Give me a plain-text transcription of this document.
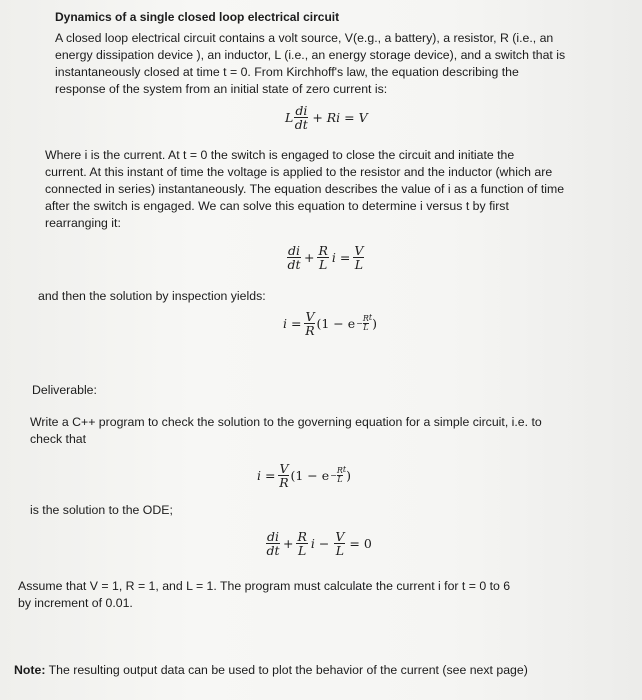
Dynamics of a single closed loop electrical circuit
A closed loop electrical circuit contains a volt source, V(e.g., a battery), a resistor, R (i.e., an
energy dissipation device ), an inductor, L (i.e., an energy storage device), and a switch that is
instantaneously closed at time t = 0. From Kirchhoff's law, the equation describing the
response of the system from an initial state of zero current is:
L $\frac{di}{dt} + Ri = V$
Where i is the current. At t = 0 the switch is engaged to close the circuit and initiate the
current. At this instant of time the voltage is applied to the resistor and the inductor (which are
connected in series) instantaneously. The equation describes the value of i as a function of time
after the switch is engaged. We can solve this equation to determine i versus t by first
rearranging it:
$\frac{di}{dt} + \frac{R}{L}$ $i = \frac{V}{L}$
and then the solution by inspection yields:
$i = \frac{V}{R} (1 - e - \frac{R}{L}$ t )
Deliverable:
Write a C++ program to check the solution to the governing equation for a simple circuit, i.e. to
check that
$i = \frac{V}{R} (1 - e - \frac{R}{L}$ t )
is the solution to the ODE;
$\frac{di}{dt} + \frac{R}{L}$ $i - \frac{V}{L} = 0$
Assume that V = 1, R = 1, and L = 1. The program must calculate the current i for t = 0 to 6
by increment of 0.01.
Note: The resulting output data can be used to plot the behavior of the current (see next page)
